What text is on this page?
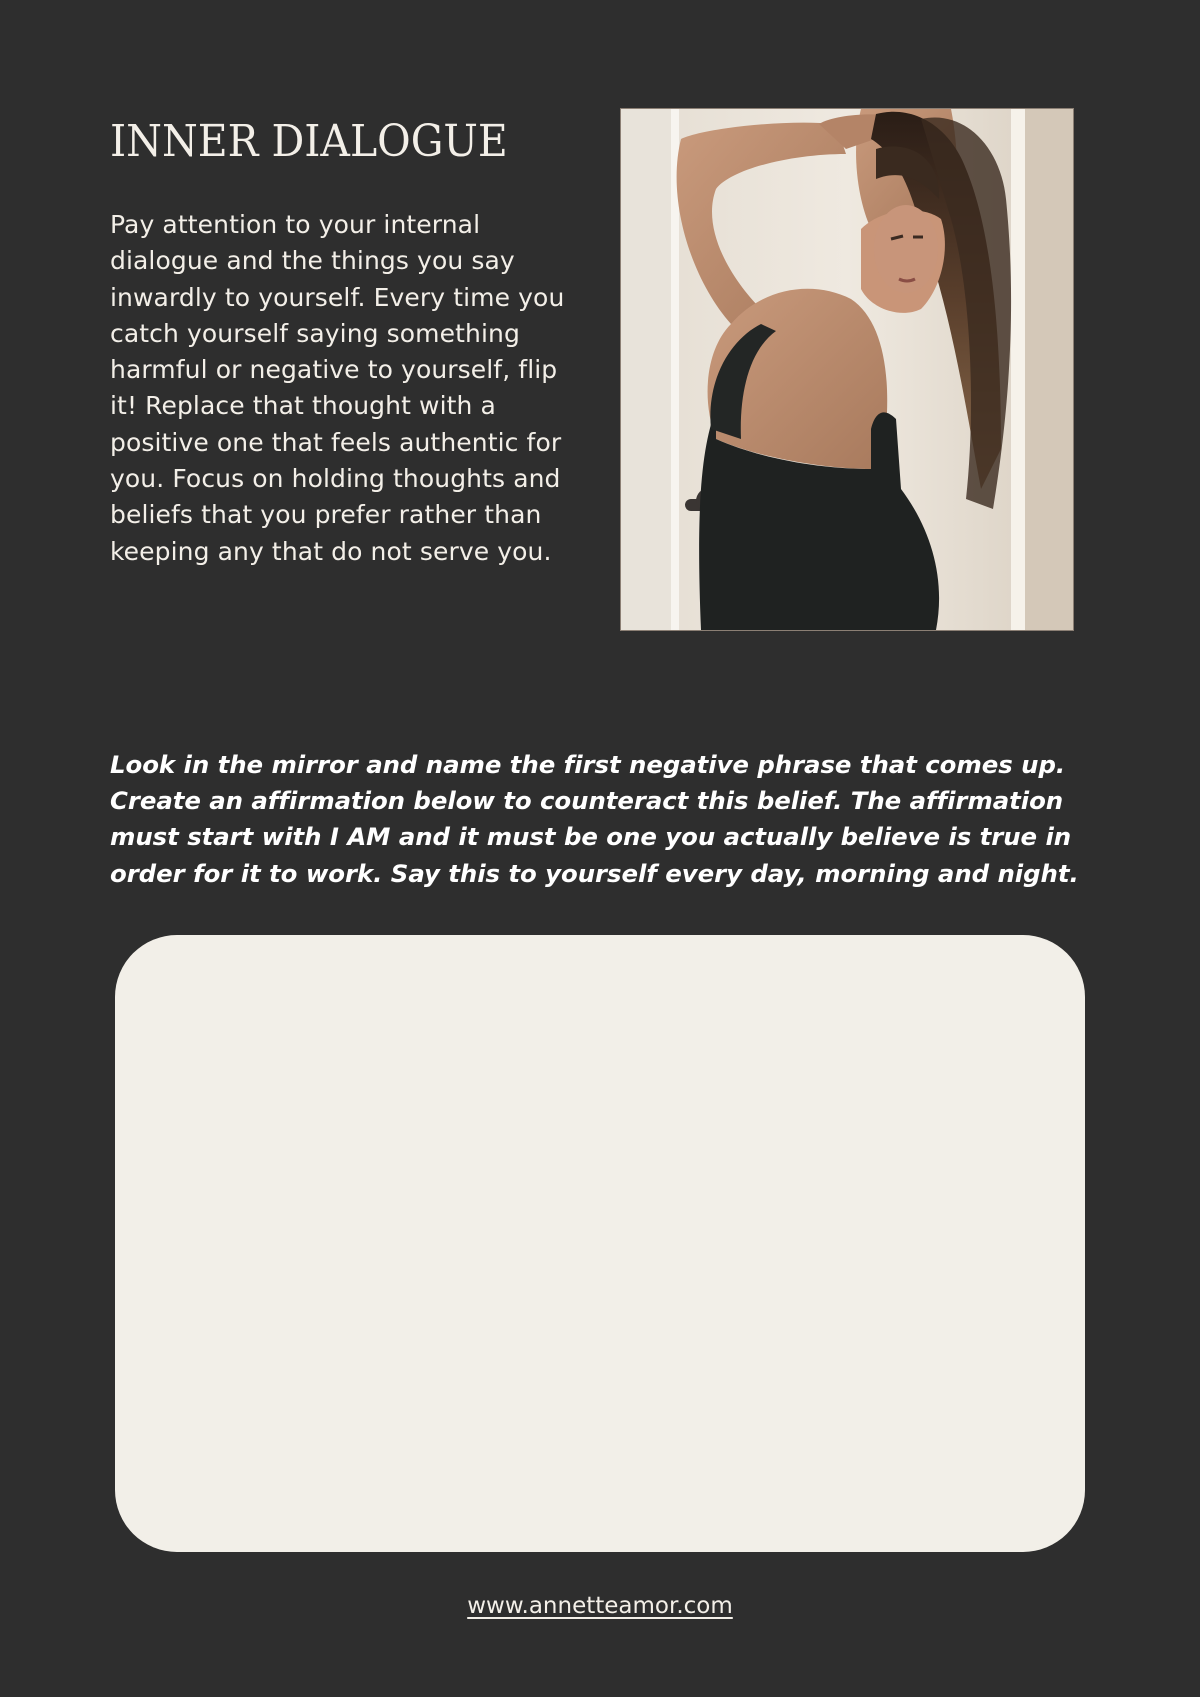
INNER DIALOGUE

Pay attention to your internal dialogue and the things you say inwardly to yourself. Every time you catch yourself saying something harmful or negative to yourself, flip it! Replace that thought with a positive one that feels authentic for you. Focus on holding thoughts and beliefs that you prefer rather than keeping any that do not serve you.

Look in the mirror and name the first negative phrase that comes up. Create an affirmation below to counteract this belief. The affirmation must start with I AM and it must be one you actually believe is true in order for it to work. Say this to yourself every day, morning and night.

www.annetteamor.com
